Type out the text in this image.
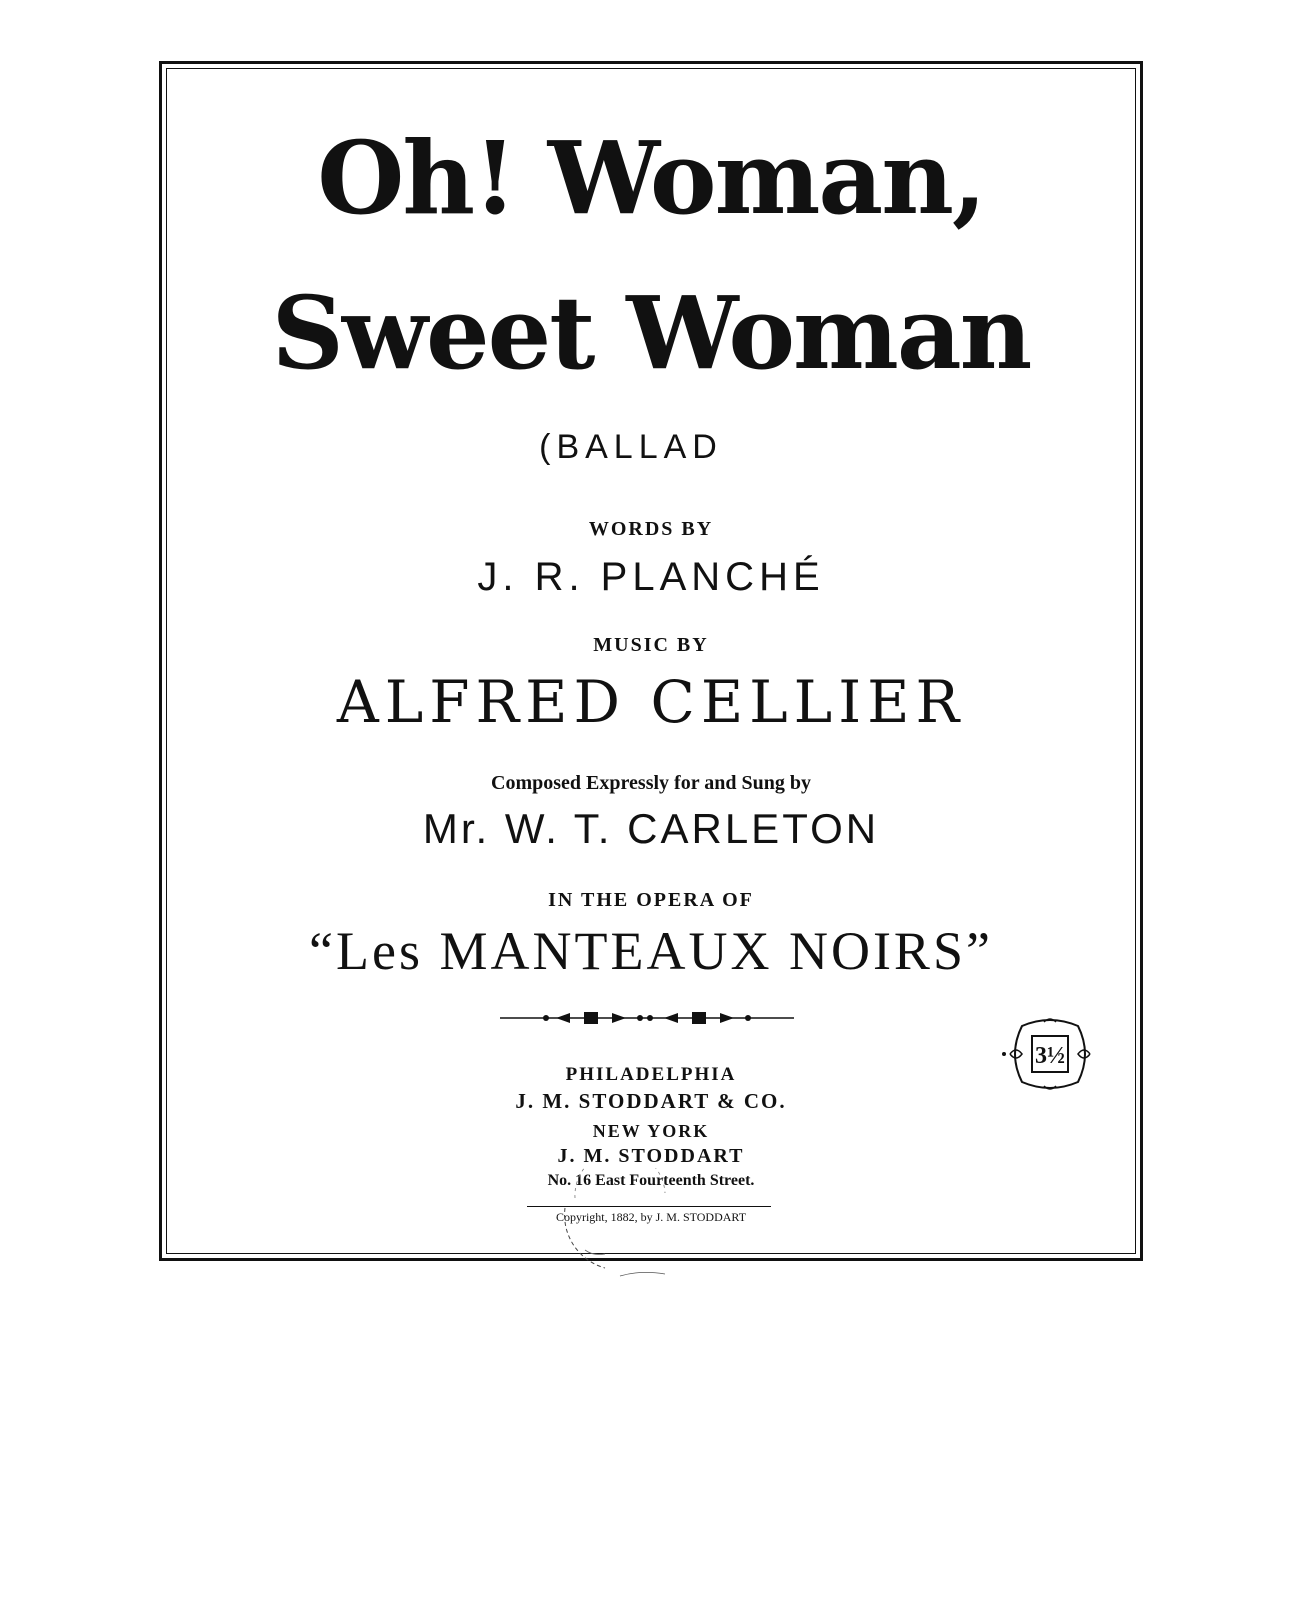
Oh! Woman,
Sweet Woman
(BALLAD
WORDS BY
J. R. PLANCHÉ
MUSIC BY
ALFRED CELLIER
Composed Expressly for and Sung by
Mr. W. T. CARLETON
IN THE OPERA OF
“Les MANTEAUX NOIRS”
3½
PHILADELPHIA
J. M. STODDART & CO.
NEW YORK
J. M. STODDART
No. 16 East Fourteenth Street.
Copyright, 1882, by J. M. STODDART
